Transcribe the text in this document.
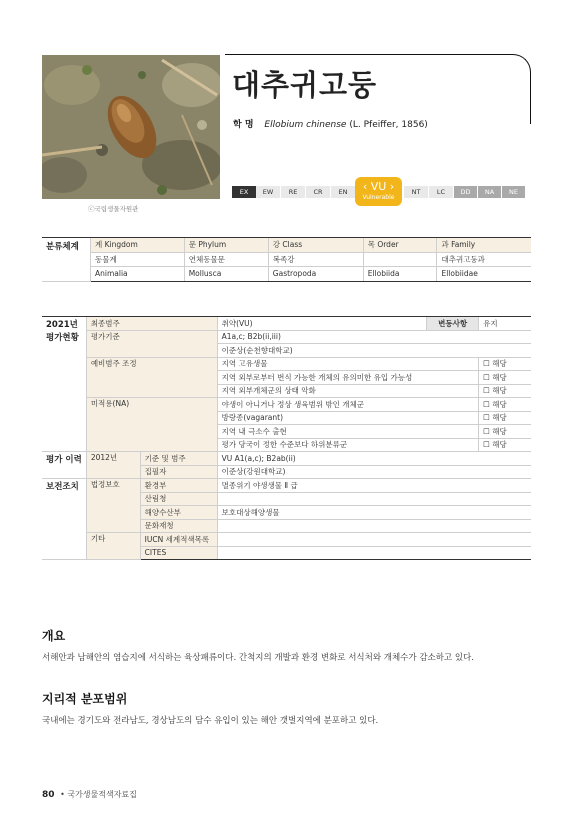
ⓒ국립생물자원관
대추귀고둥
학 명 Ellobium chinense (L. Pfeiffer, 1856)
EX	EW	RE	CR	EN	NT	LC	DD	NA	NE
‹ VU ›
Vulnerable
분류체계	계 Kingdom	문 Phylum	강 Class	목 Order	과 Family
	동물계	연체동물문	복족강		대추귀고둥과
	Animalia	Mollusca	Gastropoda	Ellobiida	Ellobiidae
2021년
평가현황	최종범주		취약(VU)	변동사항	유지
	평가기준		A1a,c; B2b(ii,iii)		
			이준상(순천향대학교)		
	예비범주 조정		지역 고유생물		☐ 해당
			지역 외부로부터 번식 가능한 개체의 유의미한 유입 가능성		☐ 해당
			지역 외부개체군의 상태 악화		☐ 해당
	미적용(NA)		야생이 아니거나 정상 생육범위 밖인 개체군		☐ 해당
			방랑종(vagarant)		☐ 해당
			지역 내 극소수 출현		☐ 해당
			평가 당국이 정한 수준보다 하위분류군		☐ 해당
평가 이력	2012년	기준 및 범주	VU A1(a,c); B2ab(ii)		
		집필자	이준상(강원대학교)		
보전조치	법정보호	환경부	멸종위기 야생생물 Ⅱ 급		
		산림청			
		해양수산부	보호대상해양생물		
		문화재청			
	기타	IUCN 세계적색목록			
		CITES			
개요
서해안과 남해안의 염습지에 서식하는 육상패류이다. 간척지의 개발과 환경 변화로 서식처와 개체수가 감소하고 있다.
지리적 분포범위
국내에는 경기도와 전라남도, 경상남도의 담수 유입이 있는 해안 갯벌지역에 분포하고 있다.
80 • 국가생물적색자료집
